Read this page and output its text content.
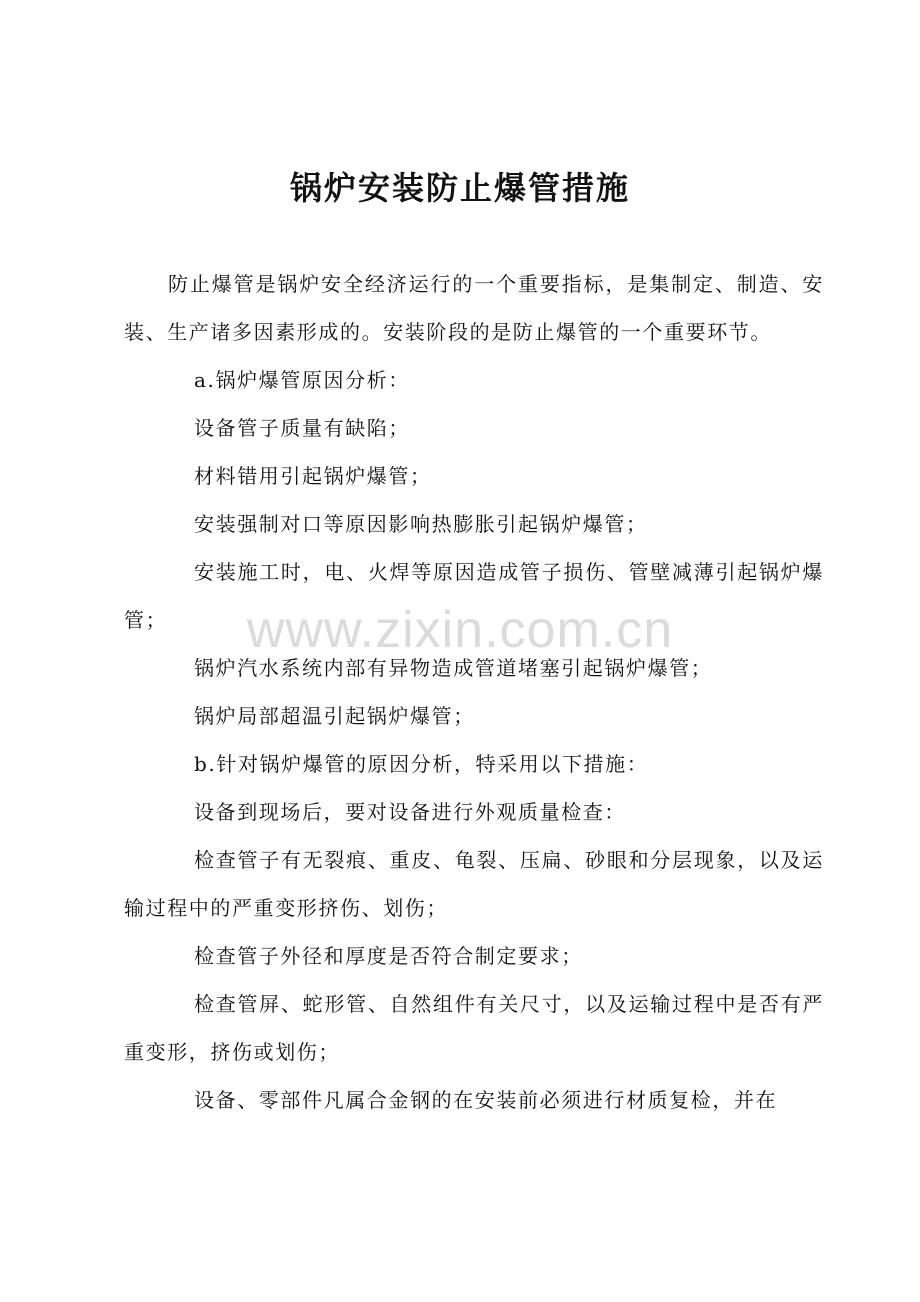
锅炉安装防止爆管措施

防止爆管是锅炉安全经济运行的一个重要指标，是集制定、制造、安装、生产诸多因素形成的。安装阶段的是防止爆管的一个重要环节。

a.锅炉爆管原因分析：

设备管子质量有缺陷；

材料错用引起锅炉爆管；

安装强制对口等原因影响热膨胀引起锅炉爆管；

安装施工时，电、火焊等原因造成管子损伤、管壁减薄引起锅炉爆管；

锅炉汽水系统内部有异物造成管道堵塞引起锅炉爆管；

锅炉局部超温引起锅炉爆管；

b.针对锅炉爆管的原因分析，特采用以下措施：

设备到现场后，要对设备进行外观质量检查：

检查管子有无裂痕、重皮、龟裂、压扁、砂眼和分层现象，以及运输过程中的严重变形挤伤、划伤；

检查管子外径和厚度是否符合制定要求；

检查管屏、蛇形管、自然组件有关尺寸，以及运输过程中是否有严重变形，挤伤或划伤；

设备、零部件凡属合金钢的在安装前必须进行材质复检，并在

www.zixin.com.cn
